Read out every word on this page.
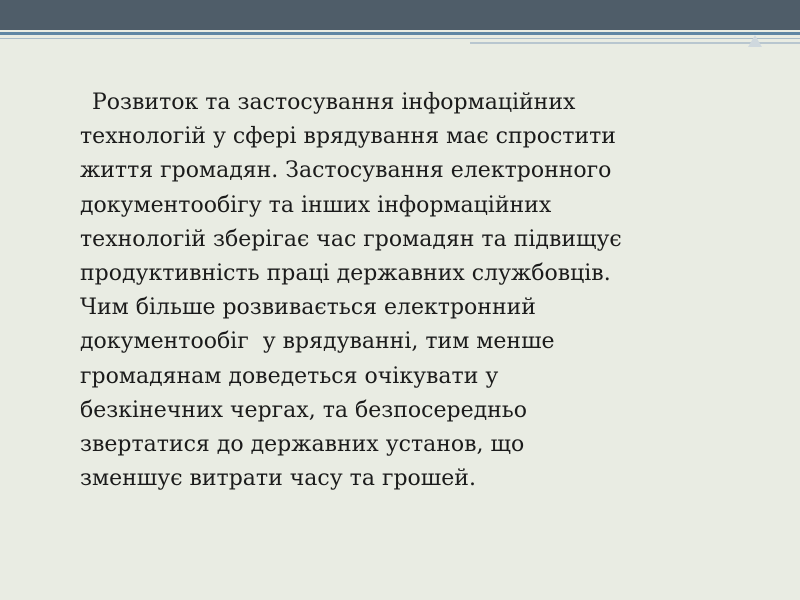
Розвиток та застосування інформаційних
технологій у сфері врядування має спростити
життя громадян. Застосування електронного
документообігу та інших інформаційних
технологій зберігає час громадян та підвищує
продуктивність праці державних службовців.
Чим більше розвивається електронний
документообіг  у врядуванні, тим менше
громадянам доведеться очікувати у
безкінечних чергах, та безпосередньо
звертатися до державних установ, що
зменшує витрати часу та грошей.
